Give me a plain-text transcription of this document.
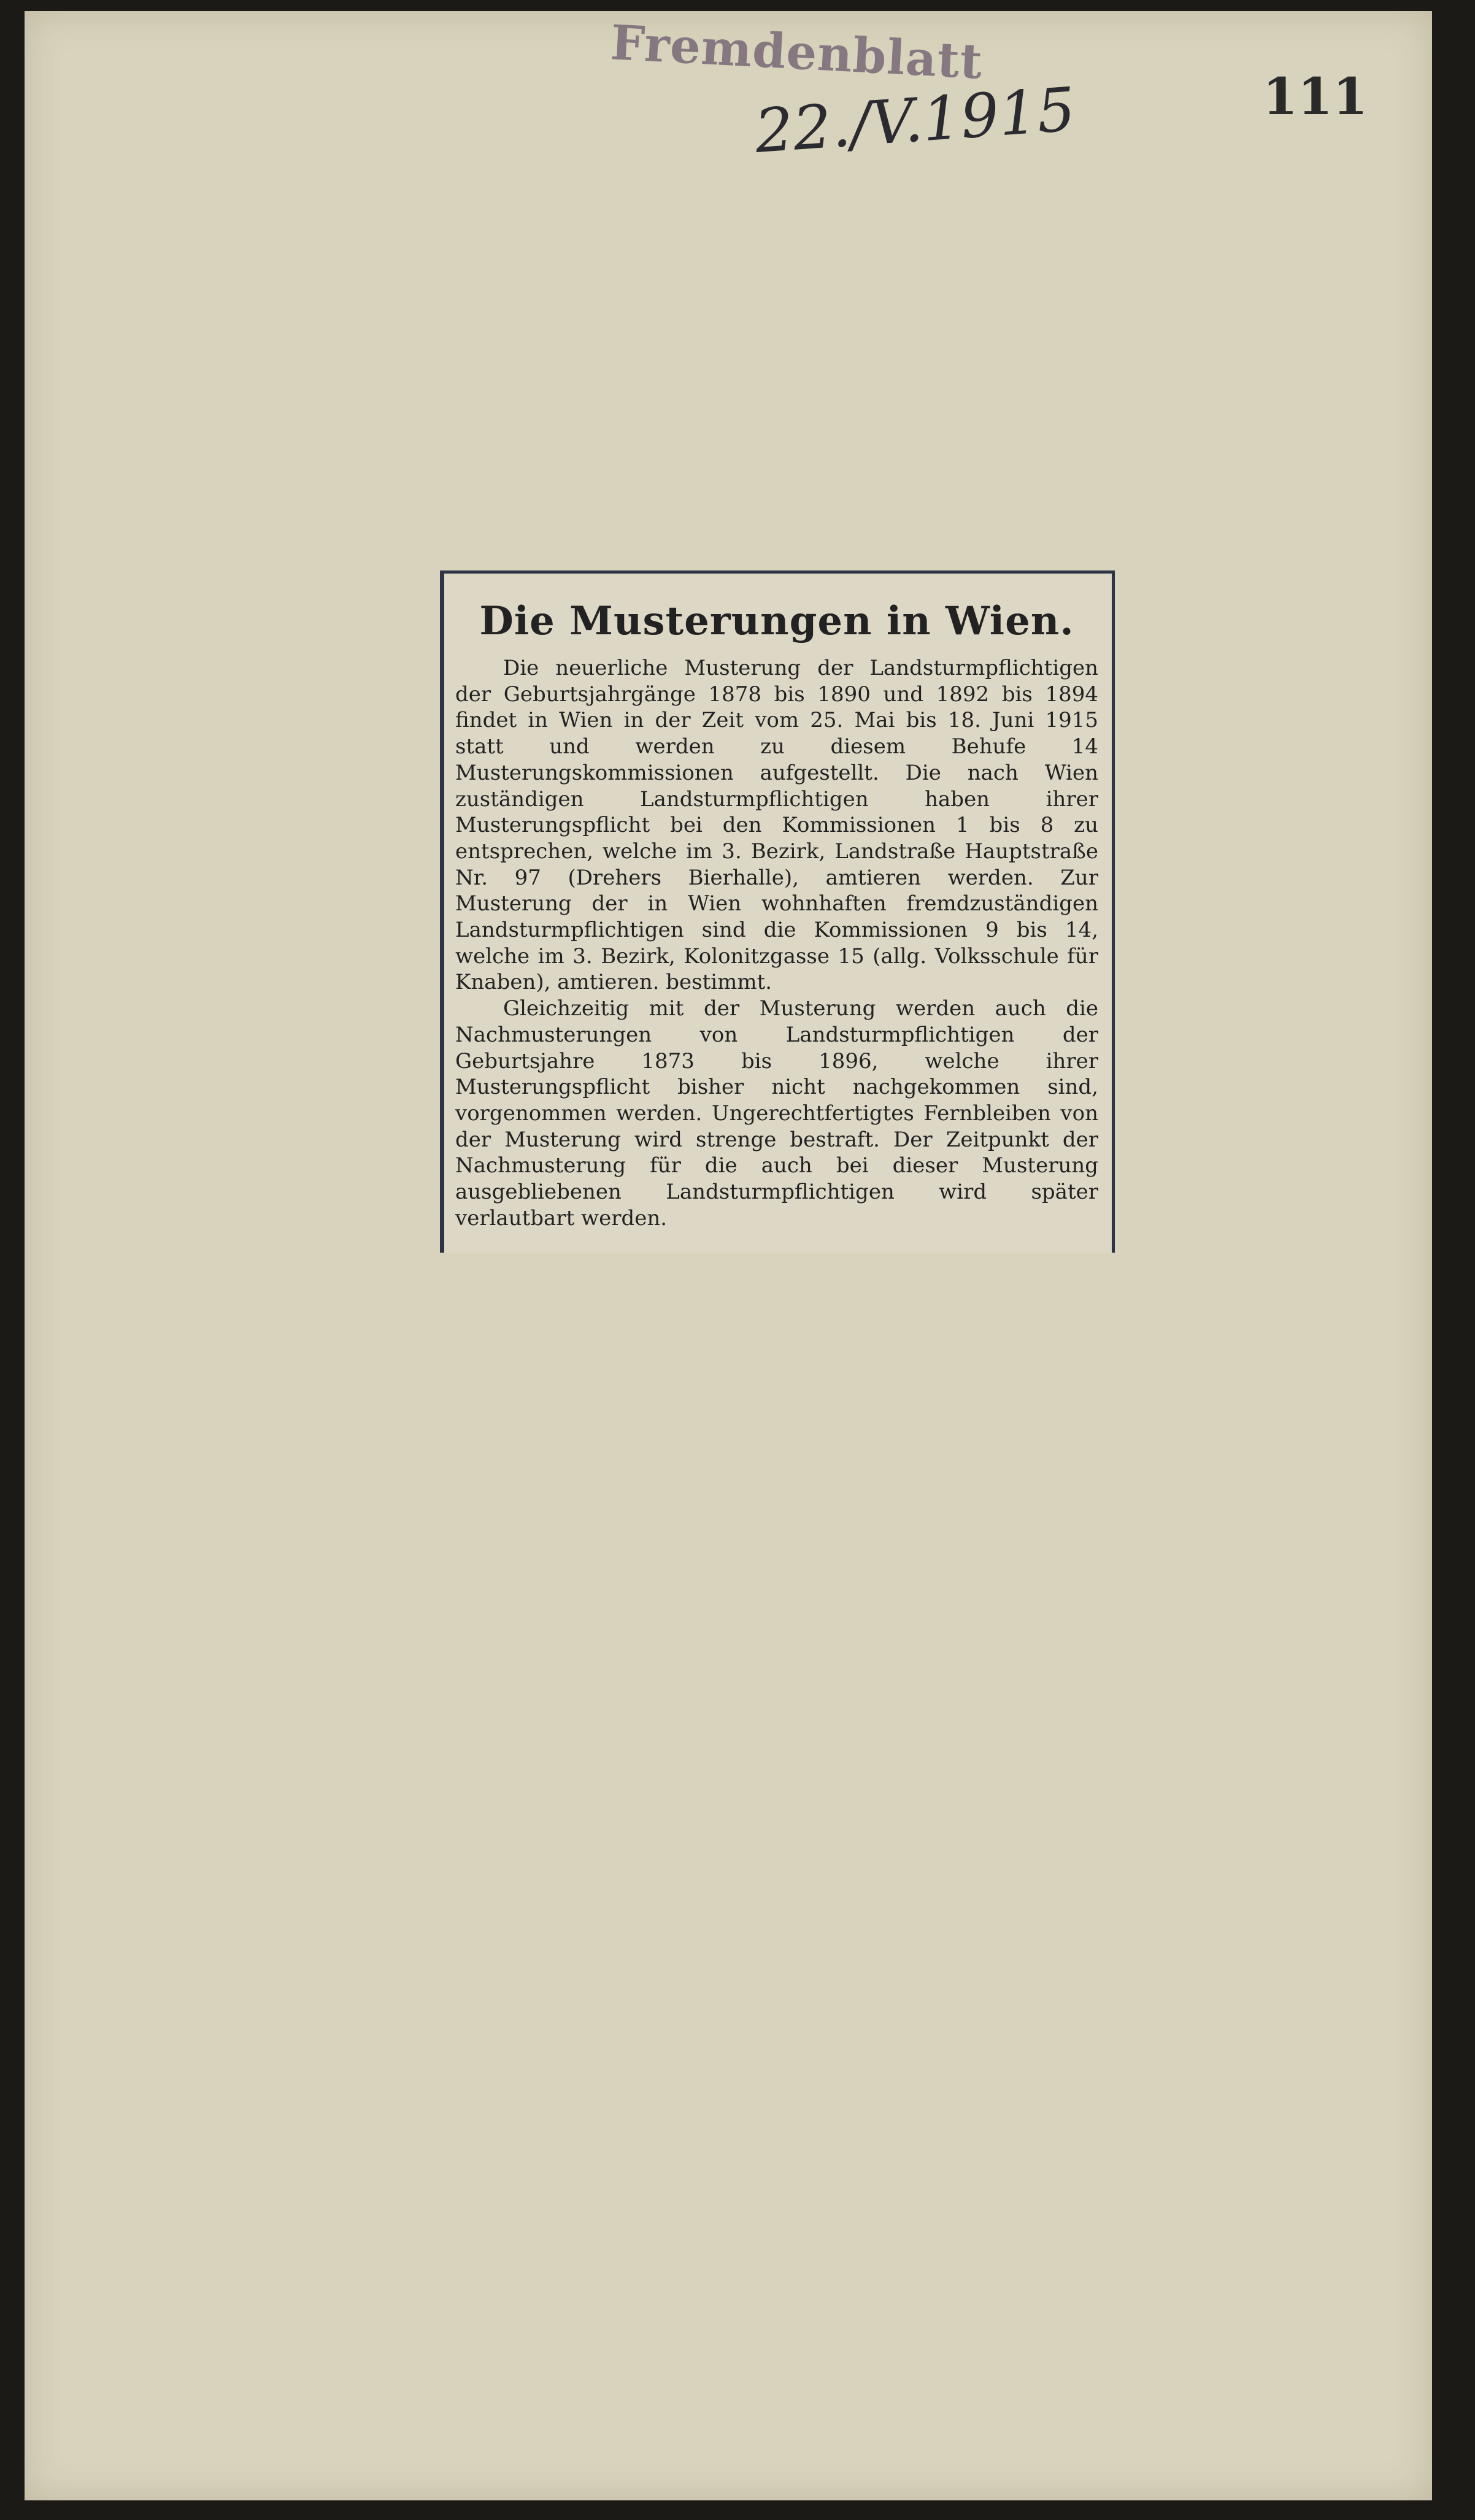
Fremdenblatt
22./V.1915	111
Die Musterungen in Wien.

Die neuerliche Musterung der Landsturmpflichtigen der Geburtsjahrgänge 1878 bis 1890 und 1892 bis 1894 findet in Wien in der Zeit vom 25. Mai bis 18. Juni 1915 statt und werden zu diesem Behufe 14 Musterungskommissionen aufgestellt. Die nach Wien zuständigen Landsturmpflichtigen haben ihrer Musterungspflicht bei den Kommissionen 1 bis 8 zu entsprechen, welche im 3. Bezirk, Landstraße Hauptstraße Nr. 97 (Drehers Bierhalle), amtieren werden. Zur Musterung der in Wien wohnhaften fremdzuständigen Landsturmpflichtigen sind die Kommissionen 9 bis 14, welche im 3. Bezirk, Kolonitzgasse 15 (allg. Volksschule für Knaben), amtieren. bestimmt.

Gleichzeitig mit der Musterung werden auch die Nachmusterungen von Landsturmpflichtigen der Geburtsjahre 1873 bis 1896, welche ihrer Musterungspflicht bisher nicht nachgekommen sind, vorgenommen werden. Ungerechtfertigtes Fernbleiben von der Musterung wird strenge bestraft. Der Zeitpunkt der Nachmusterung für die auch bei dieser Musterung ausgebliebenen Landsturmpflichtigen wird später verlautbart werden.
